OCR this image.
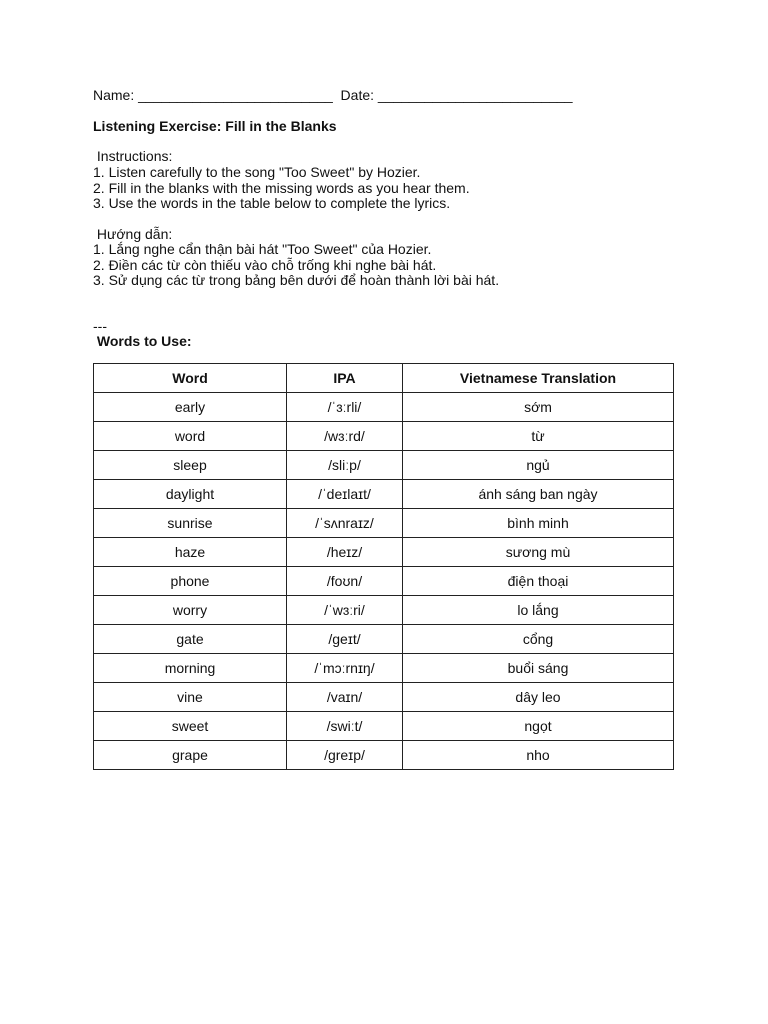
Name: _________________________  Date: _________________________
Listening Exercise: Fill in the Blanks
Instructions:
1. Listen carefully to the song "Too Sweet" by Hozier.
2. Fill in the blanks with the missing words as you hear them.
3. Use the words in the table below to complete the lyrics.
Hướng dẫn:
1. Lắng nghe cẩn thận bài hát "Too Sweet" của Hozier.
2. Điền các từ còn thiếu vào chỗ trống khi nghe bài hát.
3. Sử dụng các từ trong bảng bên dưới để hoàn thành lời bài hát.
---
Words to Use:
Word	IPA	Vietnamese Translation
early	/ˈɜːrli/	sớm
word	/wɜːrd/	từ
sleep	/sliːp/	ngủ
daylight	/ˈdeɪlaɪt/	ánh sáng ban ngày
sunrise	/ˈsʌnraɪz/	bình minh
haze	/heɪz/	sương mù
phone	/foʊn/	điện thoại
worry	/ˈwɜːri/	lo lắng
gate	/geɪt/	cổng
morning	/ˈmɔːrnɪŋ/	buổi sáng
vine	/vaɪn/	dây leo
sweet	/swiːt/	ngọt
grape	/greɪp/	nho
